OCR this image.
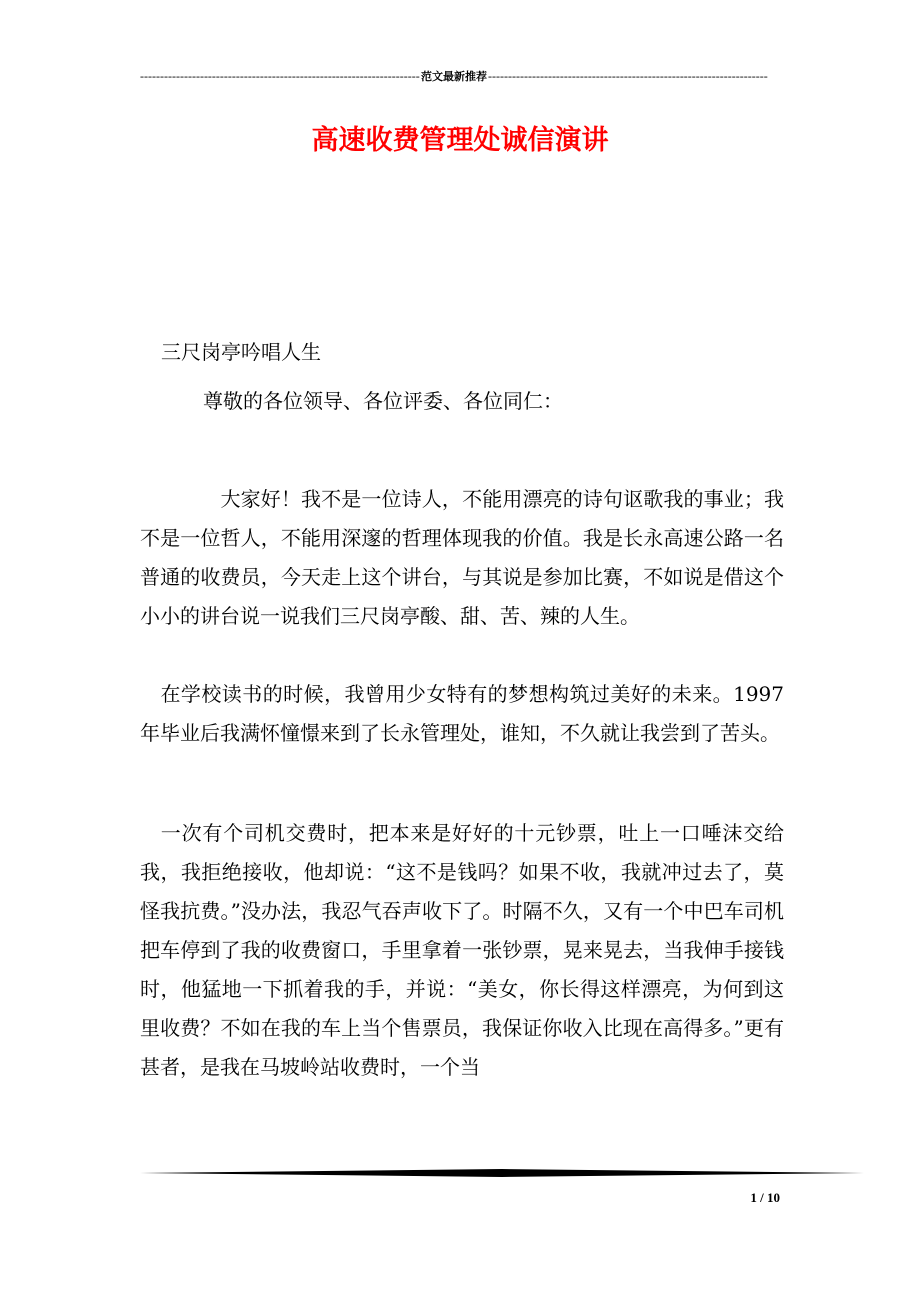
-----
范文最新推荐
-----
高速收费管理处诚信演讲
三尺岗亭吟唱人生
尊敬的各位领导、各位评委、各位同仁：

　　　　大家好！我不是一位诗人，不能用漂亮的诗句讴歌我的事业；我不是一位哲人，不能用深邃的哲理体现我的价值。我是长永高速公路一名普通的收费员，今天走上这个讲台，与其说是参加比赛，不如说是借这个小小的讲台说一说我们三尺岗亭酸、甜、苦、辣的人生。

　在学校读书的时候，我曾用少女特有的梦想构筑过美好的未来。1997年毕业后我满怀憧憬来到了长永管理处，谁知，不久就让我尝到了苦头。

　一次有个司机交费时，把本来是好好的十元钞票，吐上一口唾沫交给我，我拒绝接收，他却说：“这不是钱吗？如果不收，我就冲过去了，莫怪我抗费。”没办法，我忍气吞声收下了。时隔不久，又有一个中巴车司机把车停到了我的收费窗口，手里拿着一张钞票，晃来晃去，当我伸手接钱时，他猛地一下抓着我的手，并说：“美女，你长得这样漂亮，为何到这里收费？不如在我的车上当个售票员，我保证你收入比现在高得多。”更有甚者，是我在马坡岭站收费时，一个当

1 / 10
